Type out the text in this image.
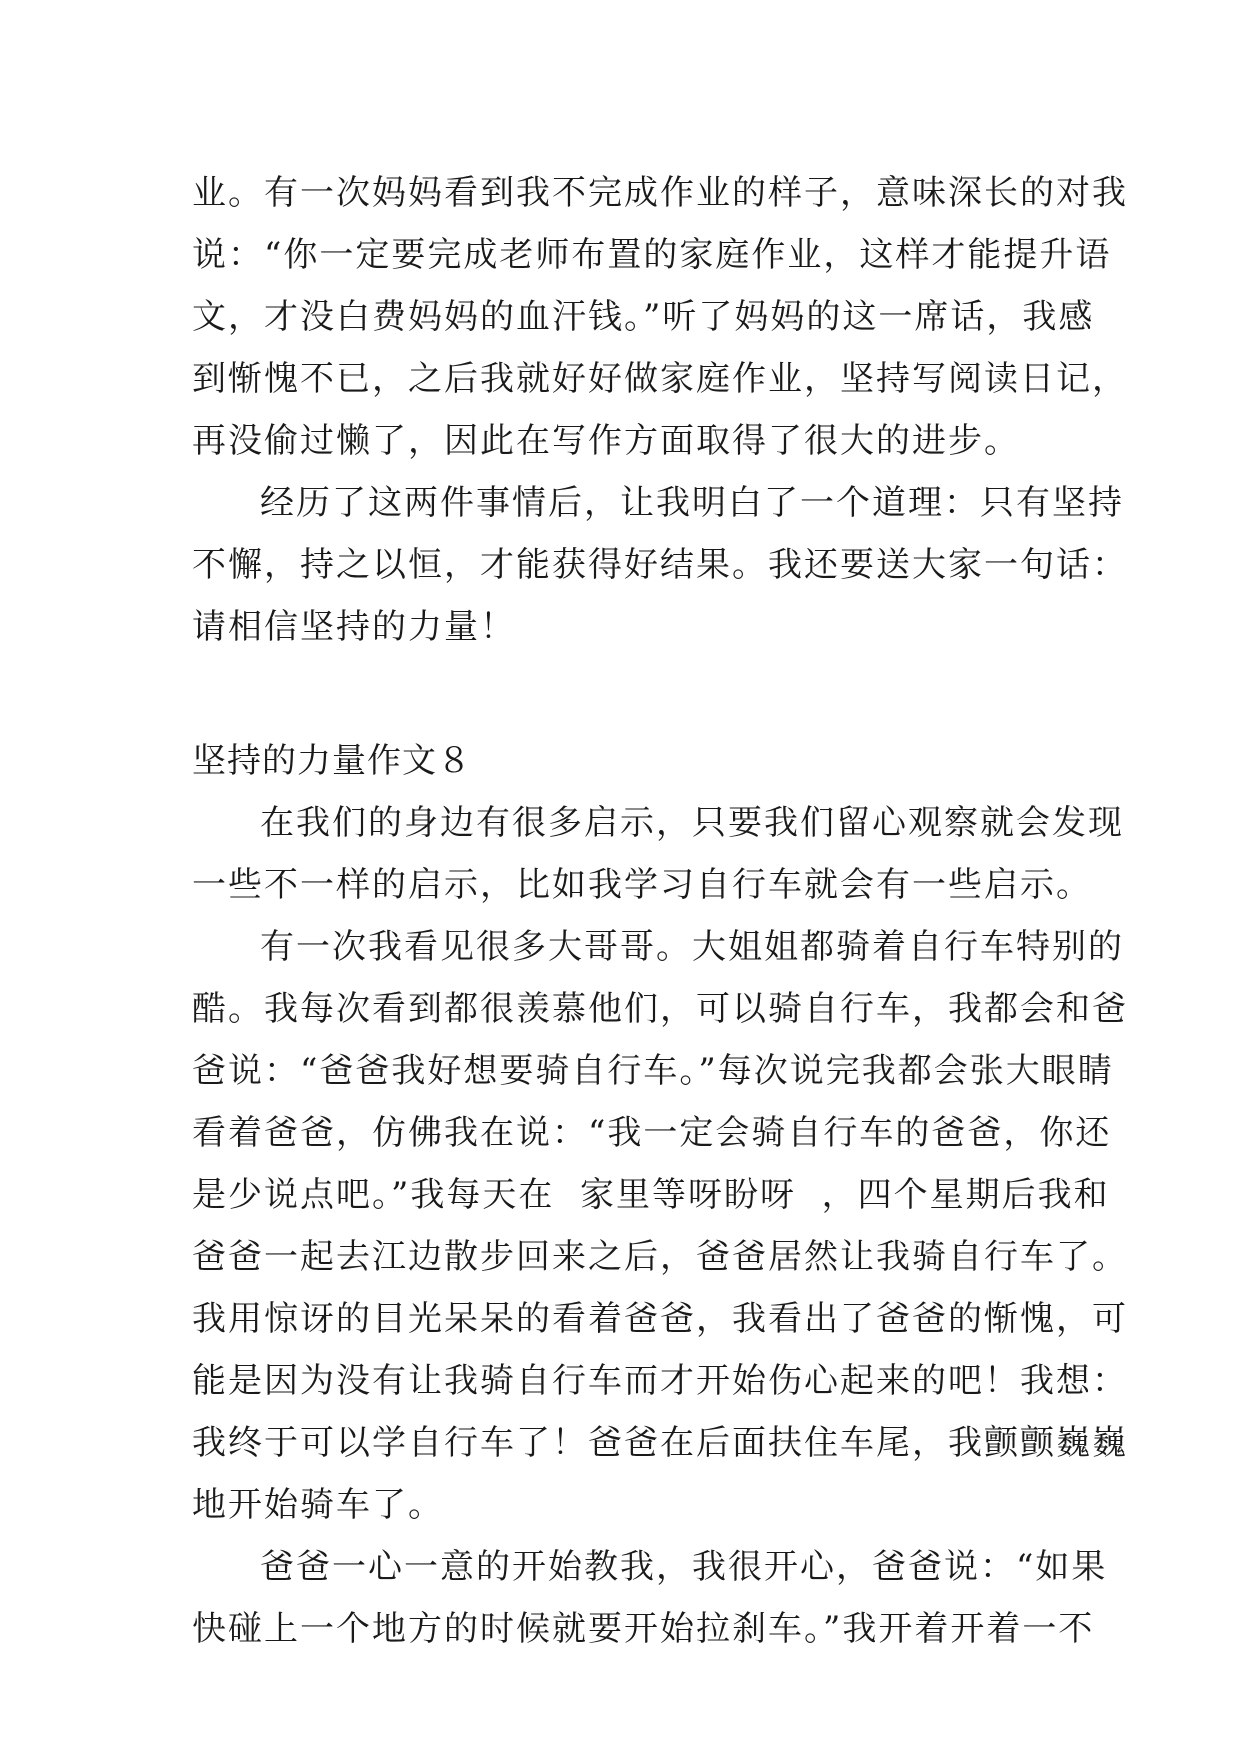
业。有一次妈妈看到我不完成作业的样子，意味深长的对我
说：“你一定要完成老师布置的家庭作业，这样才能提升语
文，才没白费妈妈的血汗钱。”听了妈妈的这一席话，我感
到惭愧不已，之后我就好好做家庭作业，坚持写阅读日记，
再没偷过懒了，因此在写作方面取得了很大的进步。
经历了这两件事情后，让我明白了一个道理：只有坚持
不懈，持之以恒，才能获得好结果。我还要送大家一句话：
请相信坚持的力量！
坚持的力量作文８
在我们的身边有很多启示，只要我们留心观察就会发现
一些不一样的启示，比如我学习自行车就会有一些启示。
有一次我看见很多大哥哥。大姐姐都骑着自行车特别的
酷。我每次看到都很羡慕他们，可以骑自行车，我都会和爸
爸说：“爸爸我好想要骑自行车。”每次说完我都会张大眼睛
看着爸爸，仿佛我在说：“我一定会骑自行车的爸爸，你还
是少说点吧。”我每天在  家里等呀盼呀  ，四个星期后我和
爸爸一起去江边散步回来之后，爸爸居然让我骑自行车了。
我用惊讶的目光呆呆的看着爸爸，我看出了爸爸的惭愧，可
能是因为没有让我骑自行车而才开始伤心起来的吧！我想：
我终于可以学自行车了！爸爸在后面扶住车尾，我颤颤巍巍
地开始骑车了。
爸爸一心一意的开始教我，我很开心，爸爸说：“如果
快碰上一个地方的时候就要开始拉刹车。”我开着开着一不
